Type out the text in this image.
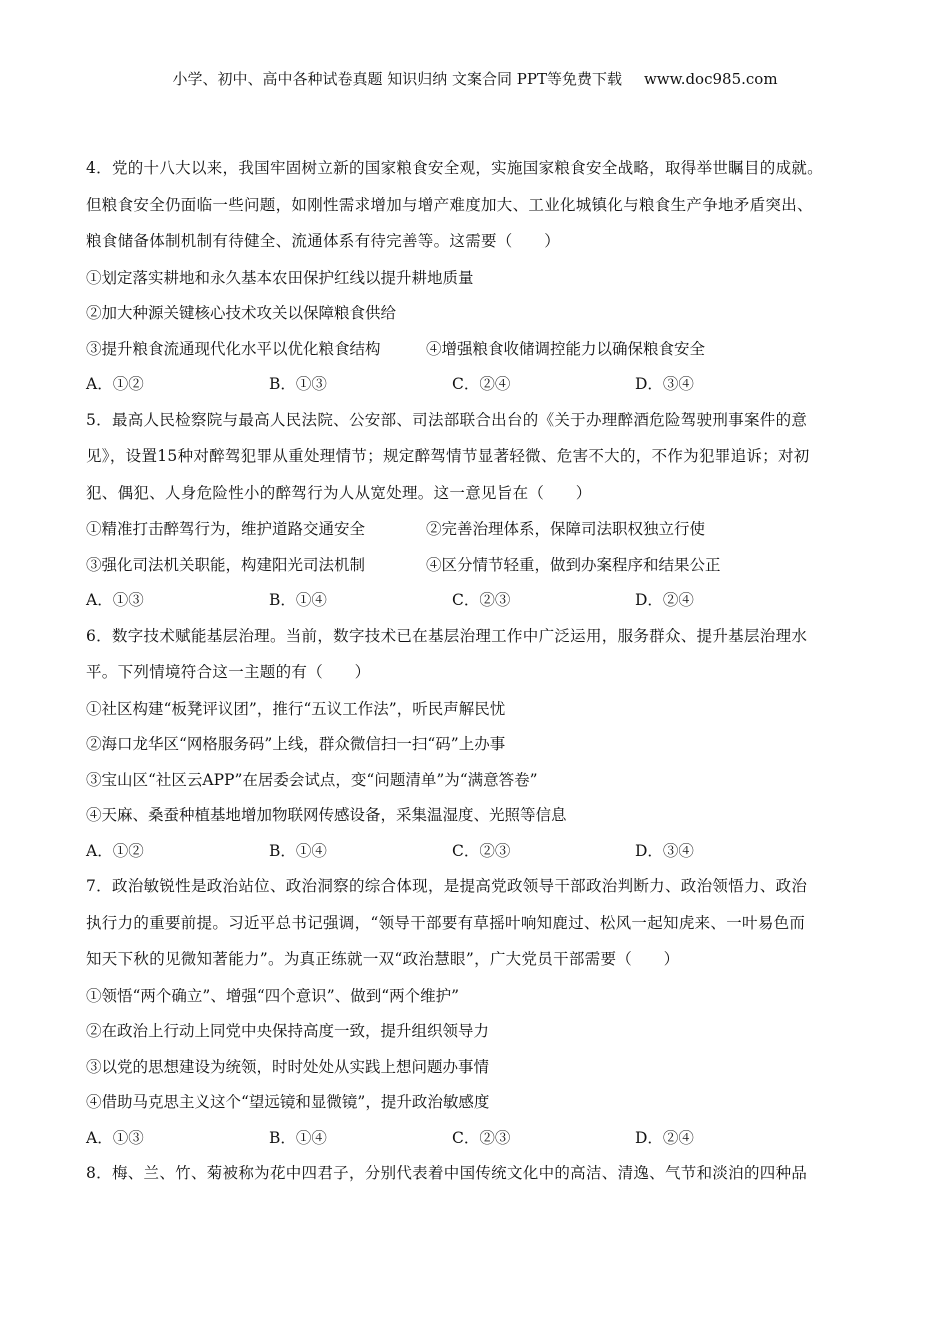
小学、初中、高中各种试卷真题 知识归纳 文案合同 PPT等免费下载 www.doc985.com
4．党的十八大以来，我国牢固树立新的国家粮食安全观，实施国家粮食安全战略，取得举世瞩目的成就。
但粮食安全仍面临一些问题，如刚性需求增加与增产难度加大、工业化城镇化与粮食生产争地矛盾突出、
粮食储备体制机制有待健全、流通体系有待完善等。这需要（　　）
①划定落实耕地和永久基本农田保护红线以提升耕地质量
②加大种源关键核心技术攻关以保障粮食供给
③提升粮食流通现代化水平以优化粮食结构	④增强粮食收储调控能力以确保粮食安全
A．①②	B．①③	C．②④	D．③④
5．最高人民检察院与最高人民法院、公安部、司法部联合出台的《关于办理醉酒危险驾驶刑事案件的意
见》，设置15种对醉驾犯罪从重处理情节；规定醉驾情节显著轻微、危害不大的，不作为犯罪追诉；对初
犯、偶犯、人身危险性小的醉驾行为人从宽处理。这一意见旨在（　　）
①精准打击醉驾行为，维护道路交通安全	②完善治理体系，保障司法职权独立行使
③强化司法机关职能，构建阳光司法机制	④区分情节轻重，做到办案程序和结果公正
A．①③	B．①④	C．②③	D．②④
6．数字技术赋能基层治理。当前，数字技术已在基层治理工作中广泛运用，服务群众、提升基层治理水
平。下列情境符合这一主题的有（　　）
①社区构建“板凳评议团”，推行“五议工作法”，听民声解民忧
②海口龙华区“网格服务码”上线，群众微信扫一扫“码”上办事
③宝山区“社区云APP”在居委会试点，变“问题清单”为“满意答卷”
④天麻、桑蚕种植基地增加物联网传感设备，采集温湿度、光照等信息
A．①②	B．①④	C．②③	D．③④
7．政治敏锐性是政治站位、政治洞察的综合体现，是提高党政领导干部政治判断力、政治领悟力、政治
执行力的重要前提。习近平总书记强调，“领导干部要有草摇叶响知鹿过、松风一起知虎来、一叶易色而
知天下秋的见微知著能力”。为真正练就一双“政治慧眼”，广大党员干部需要（　　）
①领悟“两个确立”、增强“四个意识”、做到“两个维护”
②在政治上行动上同党中央保持高度一致，提升组织领导力
③以党的思想建设为统领，时时处处从实践上想问题办事情
④借助马克思主义这个“望远镜和显微镜”，提升政治敏感度
A．①③	B．①④	C．②③	D．②④
8．梅、兰、竹、菊被称为花中四君子，分别代表着中国传统文化中的高洁、清逸、气节和淡泊的四种品
